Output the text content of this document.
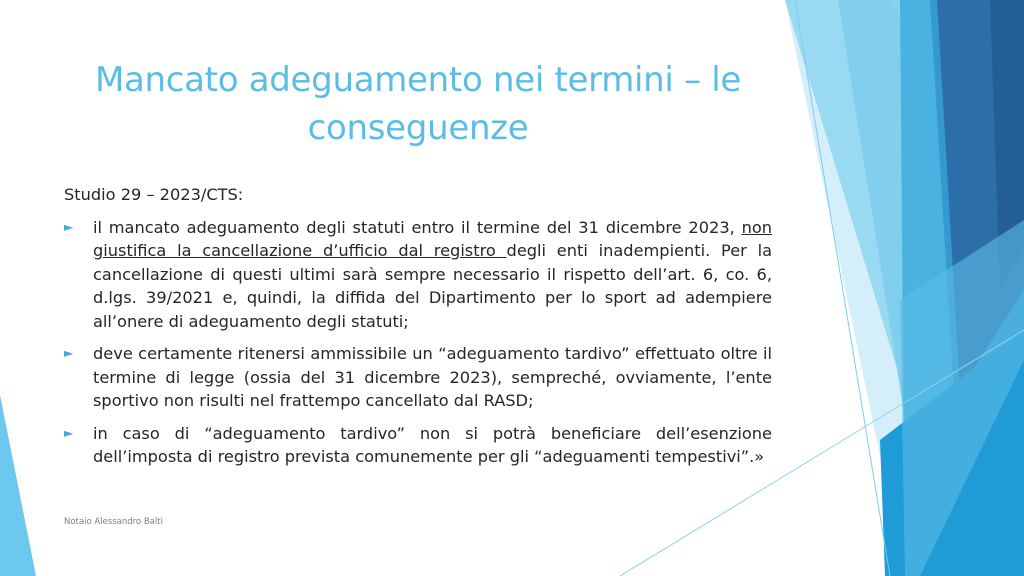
Mancato adeguamento nei termini – le
conseguenze

Studio 29 – 2023/CTS:

► il mancato adeguamento degli statuti entro il termine del 31 dicembre 2023, non giustifica la cancellazione d’ufficio dal registro degli enti inadempienti. Per la cancellazione di questi ultimi sarà sempre necessario il rispetto dell’art. 6, co. 6, d.lgs. 39/2021 e, quindi, la diffida del Dipartimento per lo sport ad adempiere all’onere di adeguamento degli statuti;
► deve certamente ritenersi ammissibile un “adeguamento tardivo” effettuato oltre il termine di legge (ossia del 31 dicembre 2023), sempreché, ovviamente, l’ente sportivo non risulti nel frattempo cancellato dal RASD;
► in caso di “adeguamento tardivo” non si potrà beneficiare dell’esenzione dell’imposta di registro prevista comunemente per gli “adeguamenti tempestivi”.»
Notaio Alessandro Balti
